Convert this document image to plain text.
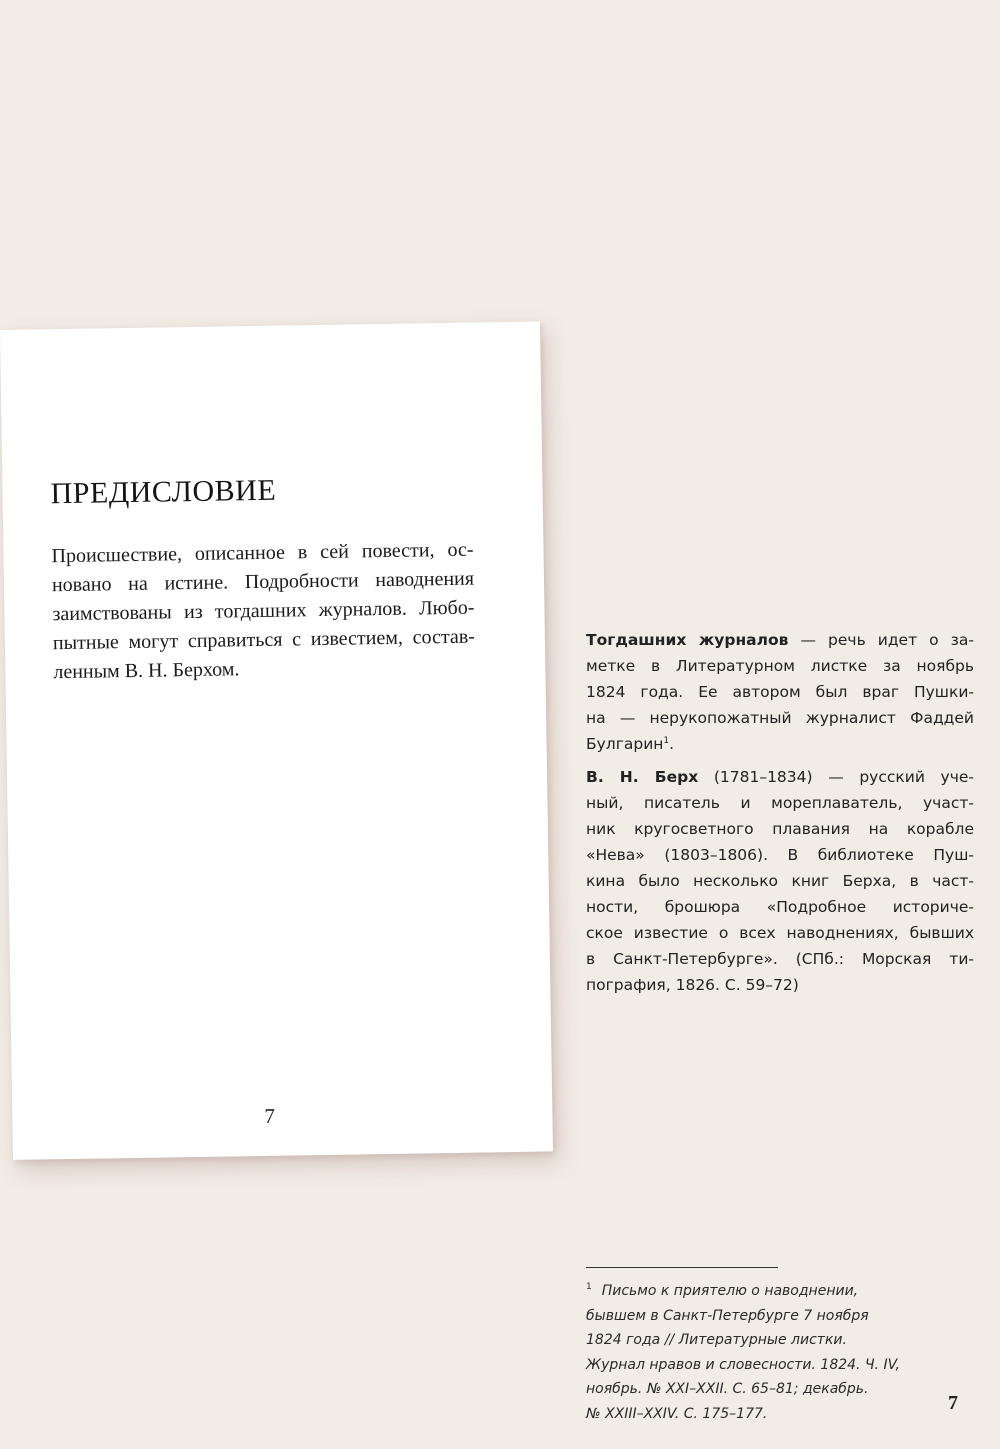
ПРЕДИСЛОВИЕ
Происшествие, описанное в сей повести, ос-
новано на истине. Подробности наводнения
заимствованы из тогдашних журналов. Любо-
пытные могут справиться с известием, состав-
ленным В. Н. Берхом.
7
Тогдашних журналов — речь идет о за-
метке в Литературном листке за ноябрь
1824 года. Ее автором был враг Пушки-
на — нерукопожатный журналист Фаддей
Булгарин$^1$.
В. Н. Берх (1781–1834) — русский уче-
ный, писатель и мореплаватель, участ-
ник кругосветного плавания на корабле
«Нева» (1803–1806). В библиотеке Пуш-
кина было несколько книг Берха, в част-
ности, брошюра «Подробное историче-
ское известие о всех наводнениях, бывших
в Санкт-Петербурге». (СПб.: Морская ти-
пография, 1826. С. 59–72)
$^1$ Письмо к приятелю о наводнении,
бывшем в Санкт-Петербурге 7 ноября
1824 года // Литературные листки.
Журнал нравов и словесности. 1824. Ч. IV,
ноябрь. № XXI–XXII. С. 65–81; декабрь.
№ XXIII–XXIV. С. 175–177.	7
